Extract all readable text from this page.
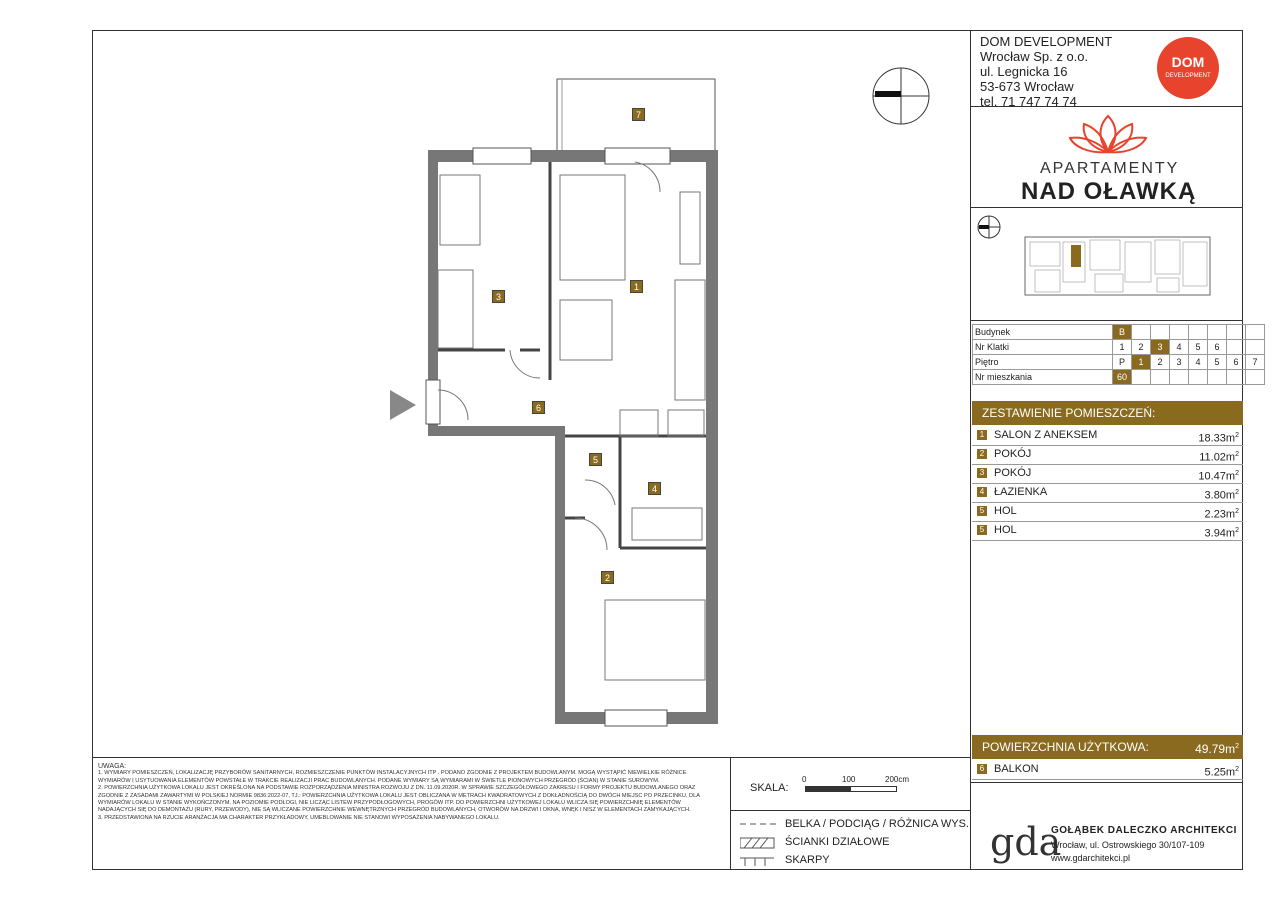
DOM DEVELOPMENT
Wrocław Sp. z o.o.
ul. Legnicka 16
53-673 Wrocław
tel. 71 747 74 74
DOM
DEVELOPMENT
APARTAMENTY
NAD OŁAWKĄ
Budynek	B							
Nr Klatki	1	2	3	4	5	6		
Piętro	P	1	2	3	4	5	6	7
Nr mieszkania	60							
ZESTAWIENIE POMIESZCZEŃ:
1 SALON Z ANEKSEM	$18.33m^2$
2 POKÓJ	$11.02m^2$
3 POKÓJ	$10.47m^2$
4 ŁAZIENKA	$3.80m^2$
5 HOL	$2.23m^2$
5 HOL	$3.94m^2$
POWIERZCHNIA UŻYTKOWA:	$49.79m^2$
6 BALKON	$5.25m^2$
gda
GOŁĄBEK DALECZKO ARCHITEKCI
Wrocław, ul. Ostrowskiego 30/107-109
www.gdarchitekci.pl
UWAGA:
1. WYMIARY POMIESZCZEŃ, LOKALIZACJĘ PRZYBORÓW SANITARNYCH, ROZMIESZCZENIE PUNKTÓW INSTALACYJNYCH ITP . PODANO ZGODNIE Z PROJEKTEM BUDOWLANYM. MOGĄ WYSTĄPIĆ NIEWIELKIE RÓŻNICE WYMIARÓW I USYTUOWANIA ELEMENTÓW POWSTAŁE W TRAKCIE REALIZACJI PRAC BUDOWLANYCH. PODANE WYMIARY SĄ WYMIARAMI W ŚWIETLE PIONOWYCH PRZEGRÓD (ŚCIAN) W STANIE SUROWYM.
2. POWIERZCHNIA UŻYTKOWA LOKALU JEST OKREŚLONA NA PODSTAWIE ROZPORZĄDZENIA MINISTRA ROZWOJU Z DN. 11.09.2020R. W SPRAWIE SZCZEGÓŁOWEGO ZAKRESU I FORMY PROJEKTU BUDOWLANEGO ORAZ ZGODNIE Z ZASADAMI ZAWARTYMI W POLSKIEJ NORMIE 9836:2022-07, TJ.: POWIERZCHNIA UŻYTKOWA LOKALU JEST OBLICZANA W METRACH KWADRATOWYCH Z DOKŁADNOŚCIĄ DO DWÓCH MIEJSC PO PRZECINKU, DLA WYMIARÓW LOKALU W STANIE WYKOŃCZONYM, NA POZIOMIE PODŁOGI, NIE LICZĄC LISTEW PRZYPODŁOGOWYCH, PROGÓW ITP. DO POWIERZCHNI UŻYTKOWEJ LOKALU WLICZA SIĘ POWIERZCHNIĘ ELEMENTÓW NADAJĄCYCH SIĘ DO DEMONTAŻU (RURY, PRZEWODY), NIE SĄ WLICZANE POWIERZCHNIE WEWNĘTRZNYCH PRZEGRÓD BUDOWLANYCH, OTWORÓW NA DRZWI I OKNA, WNĘK I NISZ W ELEMENTACH ZAMYKAJĄCYCH.
3. PRZEDSTAWIONA NA RZUCIE ARANŻACJA MA CHARAKTER PRZYKŁADOWY, UMEBLOWANIE NIE STANOWI WYPOSAŻENIA NABYWANEGO LOKALU.
SKALA:
0	100	200cm
BELKA / PODCIĄG / RÓŻNICA WYS.
ŚCIANKI DZIAŁOWE
SKARPY
1
2
3
4
5
6
7
